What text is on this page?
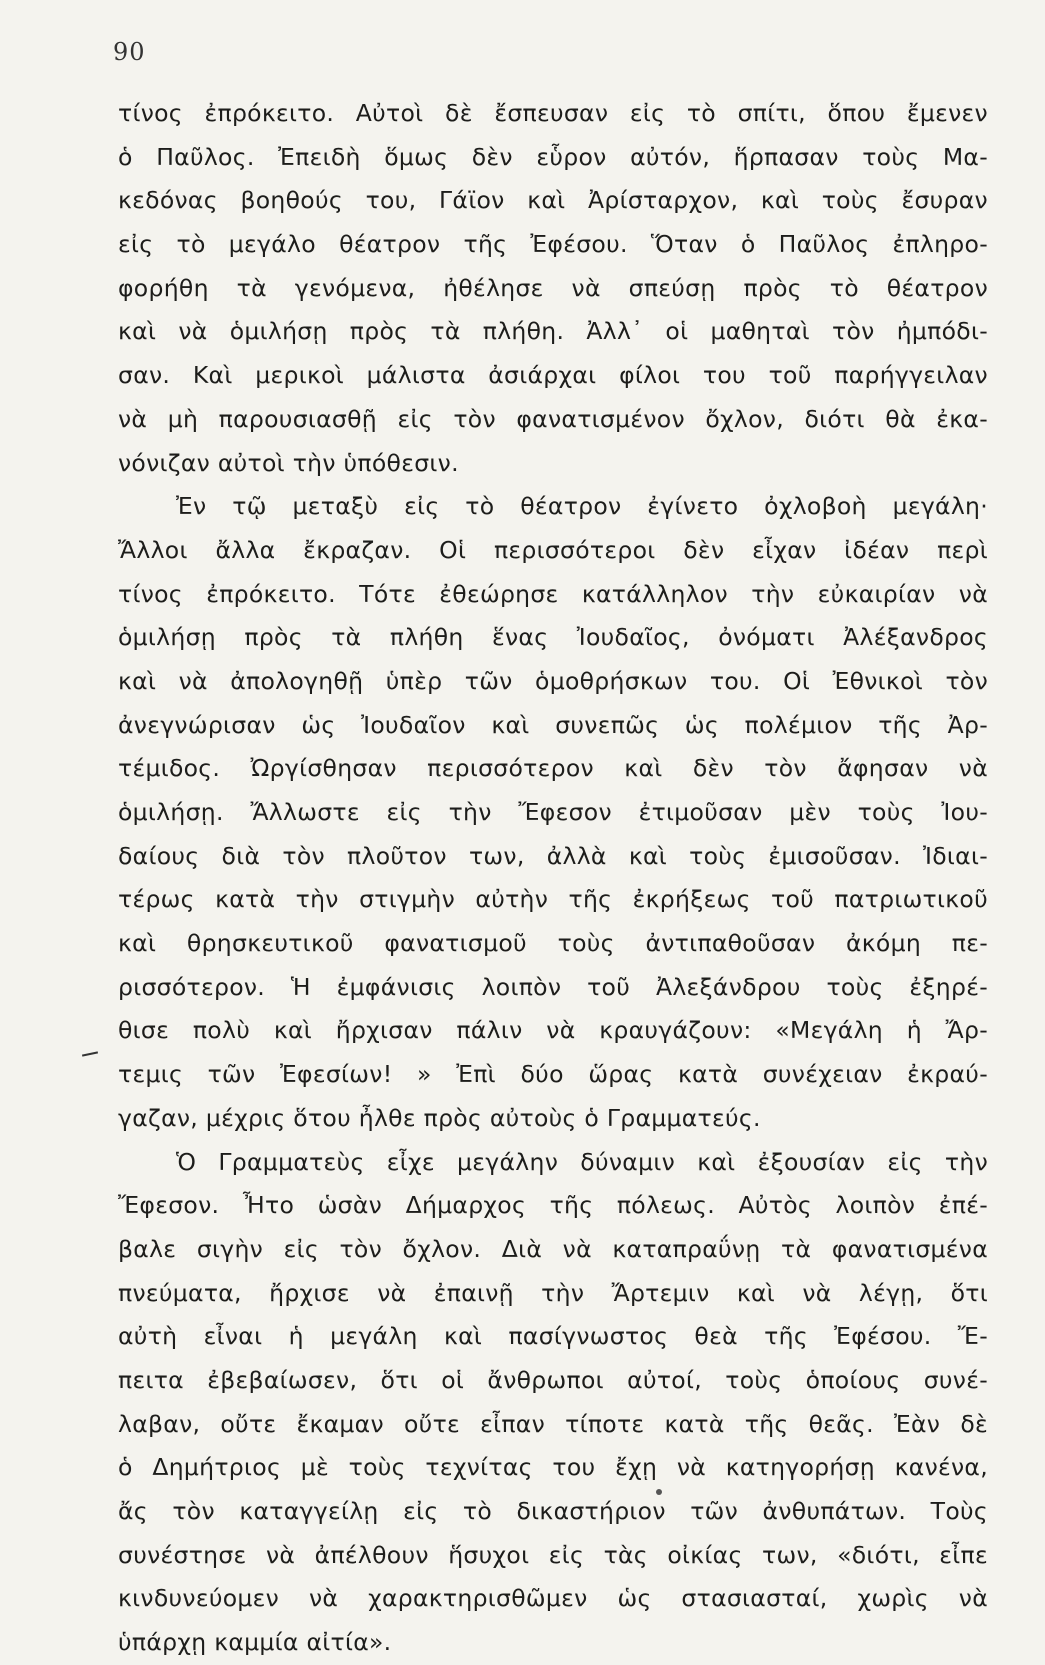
90
τίνος ἐπρόκειτο. Αὐτοὶ δὲ ἔσπευσαν εἰς τὸ σπίτι, ὅπου ἔμενεν
ὁ Παῦλος. Ἐπειδὴ ὅμως δὲν εὗρον αὐτόν, ἥρπασαν τοὺς Μα-
κεδόνας βοηθούς του, Γάϊον καὶ Ἀρίσταρχον, καὶ τοὺς ἔσυραν
εἰς τὸ μεγάλο θέατρον τῆς Ἐφέσου. Ὅταν ὁ Παῦλος ἐπληρο-
φορήθη τὰ γενόμενα, ἠθέλησε νὰ σπεύσῃ πρὸς τὸ θέατρον
καὶ νὰ ὁμιλήσῃ πρὸς τὰ πλήθη. Ἀλλ᾿ οἱ μαθηταὶ τὸν ἠμπόδι-
σαν. Καὶ μερικοὶ μάλιστα ἀσιάρχαι φίλοι του τοῦ παρήγγειλαν
νὰ μὴ παρουσιασθῇ εἰς τὸν φανατισμένον ὄχλον, διότι θὰ ἐκα-
νόνιζαν αὐτοὶ τὴν ὑπόθεσιν.
Ἐν τῷ μεταξὺ εἰς τὸ θέατρον ἐγίνετο ὀχλοβοὴ μεγάλη·
Ἄλλοι ἄλλα ἔκραζαν. Οἱ περισσότεροι δὲν εἶχαν ἰδέαν περὶ
τίνος ἐπρόκειτο. Τότε ἐθεώρησε κατάλληλον τὴν εὐκαιρίαν νὰ
ὁμιλήσῃ πρὸς τὰ πλήθη ἕνας Ἰουδαῖος, ὀνόματι Ἀλέξανδρος
καὶ νὰ ἀπολογηθῇ ὑπὲρ τῶν ὁμοθρήσκων του. Οἱ Ἐθνικοὶ τὸν
ἀνεγνώρισαν ὡς Ἰουδαῖον καὶ συνεπῶς ὡς πολέμιον τῆς Ἀρ-
τέμιδος. Ὠργίσθησαν περισσότερον καὶ δὲν τὸν ἄφησαν νὰ
ὁμιλήσῃ. Ἄλλωστε εἰς τὴν Ἔφεσον ἐτιμοῦσαν μὲν τοὺς Ἰου-
δαίους διὰ τὸν πλοῦτον των, ἀλλὰ καὶ τοὺς ἐμισοῦσαν. Ἰδιαι-
τέρως κατὰ τὴν στιγμὴν αὐτὴν τῆς ἐκρήξεως τοῦ πατριωτικοῦ
καὶ θρησκευτικοῦ φανατισμοῦ τοὺς ἀντιπαθοῦσαν ἀκόμη πε-
ρισσότερον. Ἡ ἐμφάνισις λοιπὸν τοῦ Ἀλεξάνδρου τοὺς ἐξηρέ-
θισε πολὺ καὶ ἤρχισαν πάλιν νὰ κραυγάζουν: «Μεγάλη ἡ Ἄρ-
τεμις τῶν Ἐφεσίων! » Ἐπὶ δύο ὥρας κατὰ συνέχειαν ἐκραύ-
γαζαν, μέχρις ὅτου ἦλθε πρὸς αὐτοὺς ὁ Γραμματεύς.
Ὁ Γραμματεὺς εἶχε μεγάλην δύναμιν καὶ ἐξουσίαν εἰς τὴν
Ἔφεσον. Ἦτο ὡσὰν Δήμαρχος τῆς πόλεως. Αὐτὸς λοιπὸν ἐπέ-
βαλε σιγὴν εἰς τὸν ὄχλον. Διὰ νὰ καταπραΰνῃ τὰ φανατισμένα
πνεύματα, ἤρχισε νὰ ἐπαινῇ τὴν Ἄρτεμιν καὶ νὰ λέγῃ, ὅτι
αὐτὴ εἶναι ἡ μεγάλη καὶ πασίγνωστος θεὰ τῆς Ἐφέσου. Ἔ-
πειτα ἐβεβαίωσεν, ὅτι οἱ ἄνθρωποι αὐτοί, τοὺς ὁποίους συνέ-
λαβαν, οὔτε ἔκαμαν οὔτε εἶπαν τίποτε κατὰ τῆς θεᾶς. Ἐὰν δὲ
ὁ Δημήτριος μὲ τοὺς τεχνίτας του ἔχῃ νὰ κατηγορήσῃ κανένα,
ἄς τὸν καταγγείλῃ εἰς τὸ δικαστήριον τῶν ἀνθυπάτων. Τοὺς
συνέστησε νὰ ἀπέλθουν ἥσυχοι εἰς τὰς οἰκίας των, «διότι, εἶπε
κινδυνεύομεν νὰ χαρακτηρισθῶμεν ὡς στασιασταί, χωρὶς νὰ
ὑπάρχῃ καμμία αἰτία».
